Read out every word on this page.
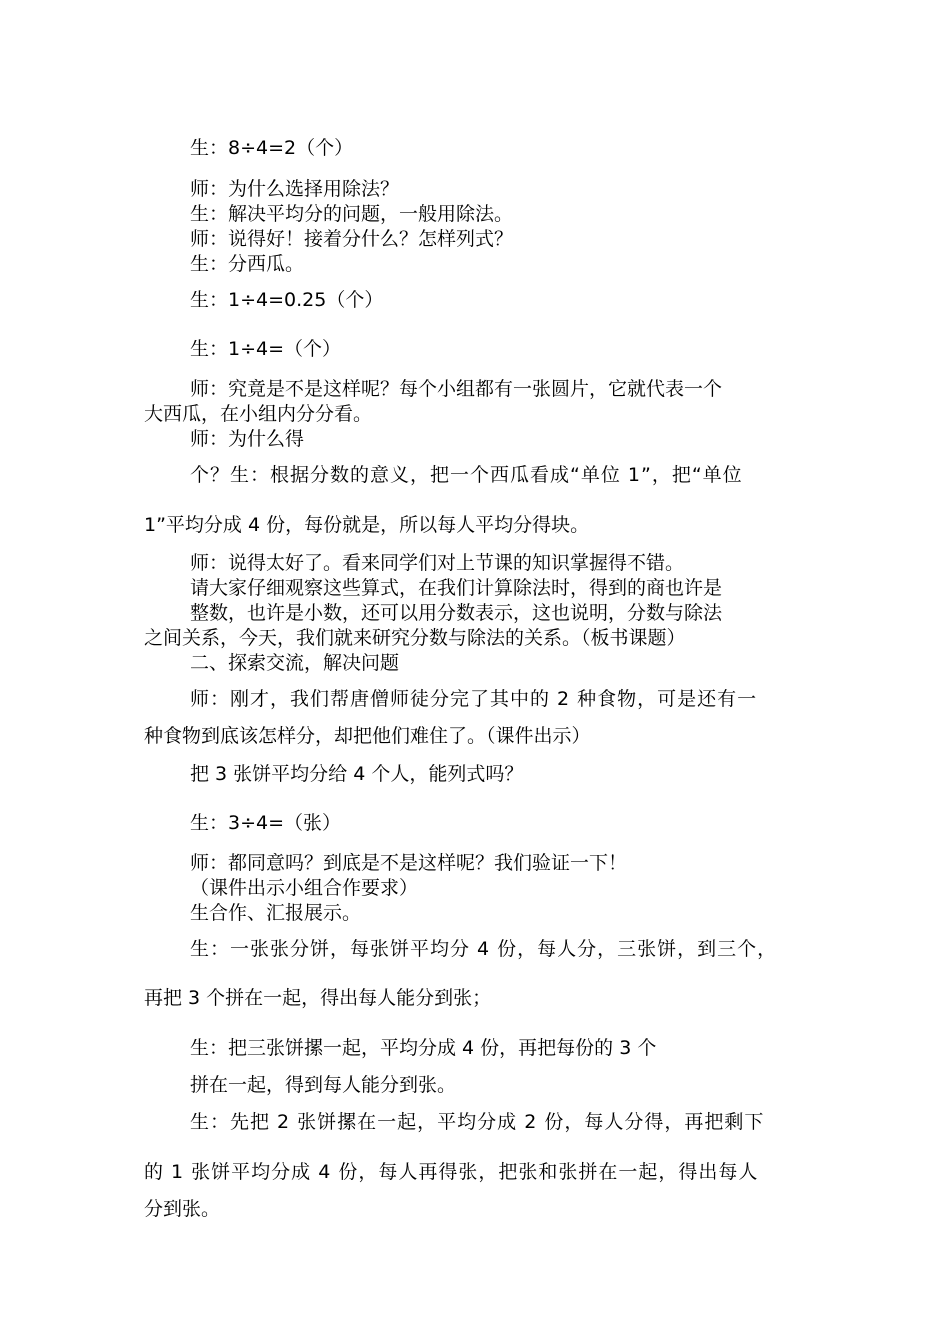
生：8÷4=2（个）

师：为什么选择用除法？

生：解决平均分的问题，一般用除法。

师：说得好！接着分什么？怎样列式？

生：分西瓜。

生：1÷4=0.25（个）

生：1÷4=（个）

师：究竟是不是这样呢？每个小组都有一张圆片，它就代表一个

大西瓜，在小组内分分看。

师：为什么得

个？生：根据分数的意义，把一个西瓜看成“单位 1”，把“单位

1”平均分成 4 份，每份就是，所以每人平均分得块。

师：说得太好了。看来同学们对上节课的知识掌握得不错。

请大家仔细观察这些算式，在我们计算除法时，得到的商也许是

整数，也许是小数，还可以用分数表示，这也说明，分数与除法

之间关系，今天，我们就来研究分数与除法的关系。（板书课题）

二、探索交流，解决问题

师：刚才，我们帮唐僧师徒分完了其中的 2 种食物，可是还有一

种食物到底该怎样分，却把他们难住了。（课件出示）

把 3 张饼平均分给 4 个人，能列式吗？

生：3÷4=（张）

师：都同意吗？到底是不是这样呢？我们验证一下！

（课件出示小组合作要求）

生合作、汇报展示。

生：一张张分饼，每张饼平均分 4 份，每人分，三张饼，到三个，

再把 3 个拼在一起，得出每人能分到张；

生：把三张饼摞一起，平均分成 4 份，再把每份的 3 个

拼在一起，得到每人能分到张。

生：先把 2 张饼摞在一起，平均分成 2 份，每人分得，再把剩下

的 1 张饼平均分成 4 份，每人再得张，把张和张拼在一起，得出每人

分到张。
